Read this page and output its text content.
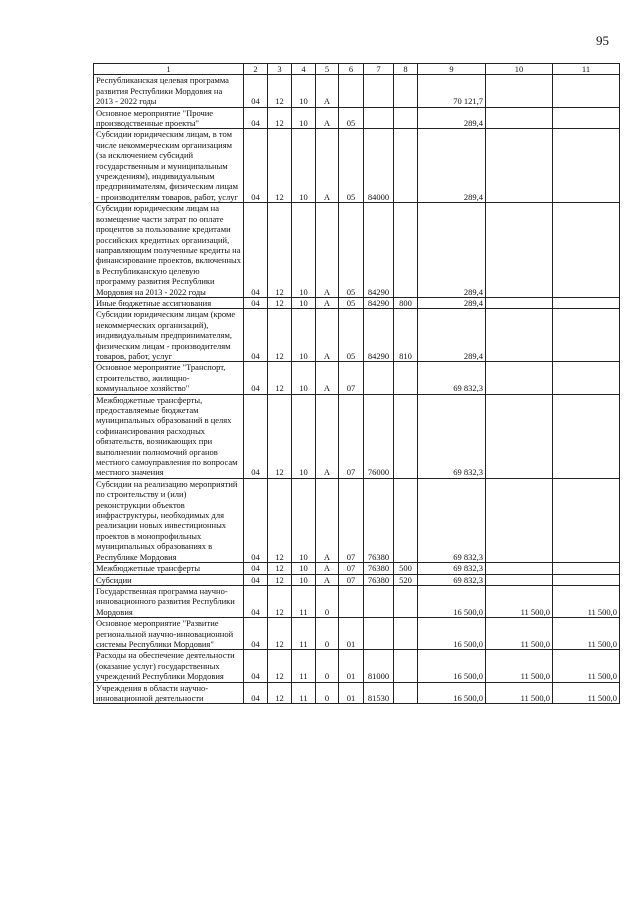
95
1	2	3	4	5	6	7	8	9	10	11
Республиканская целевая программа развития Республики Мордовия на 2013 - 2022 годы	04	12	10	А				70 121,7		
Основное мероприятие "Прочие производственные проекты"	04	12	10	А	05			289,4		
Субсидии юридическим лицам, в том числе некоммерческим организациям (за исключением субсидий государственным и муниципальным учреждениям), индивидуальным предпринимателям, физическим лицам - производителям товаров, работ, услуг	04	12	10	А	05	84000		289,4		
Субсидии юридическим лицам на возмещение части затрат по оплате процентов за пользование кредитами российских кредитных организаций, направляющим полученные кредиты на финансирование проектов, включенных в Республиканскую целевую программу развития Республики Мордовия на 2013 - 2022 годы	04	12	10	А	05	84290		289,4		
Иные бюджетные ассигнования	04	12	10	А	05	84290	800	289,4		
Субсидии юридическим лицам (кроме некоммерческих организаций), индивидуальным предпринимателям, физическим лицам - производителям товаров, работ, услуг	04	12	10	А	05	84290	810	289,4		
Основное мероприятие "Транспорт, строительство, жилищно-коммунальное хозяйство"	04	12	10	А	07			69 832,3		
Межбюджетные трансферты, предоставляемые бюджетам муниципальных образований в целях софинансирования расходных обязательств, возникающих при выполнении полномочий органов местного самоуправления по вопросам местного значения	04	12	10	А	07	76000		69 832,3		
Субсидии на реализацию мероприятий по строительству и (или) реконструкции объектов инфраструктуры, необходимых для реализации новых инвестиционных проектов в монопрофильных муниципальных образованиях в Республике Мордовия	04	12	10	А	07	76380		69 832,3		
Межбюджетные трансферты	04	12	10	А	07	76380	500	69 832,3		
Субсидии	04	12	10	А	07	76380	520	69 832,3		
Государственная программа научно-инновационного развития Республики Мордовия	04	12	11	0				16 500,0	11 500,0	11 500,0
Основное мероприятие "Развитие региональной научно-инновационной системы Республики Мордовия"	04	12	11	0	01			16 500,0	11 500,0	11 500,0
Расходы на обеспечение деятельности (оказание услуг) государственных учреждений Республики Мордовия	04	12	11	0	01	81000		16 500,0	11 500,0	11 500,0
Учреждения в области научно-инновационной деятельности	04	12	11	0	01	81530		16 500,0	11 500,0	11 500,0
